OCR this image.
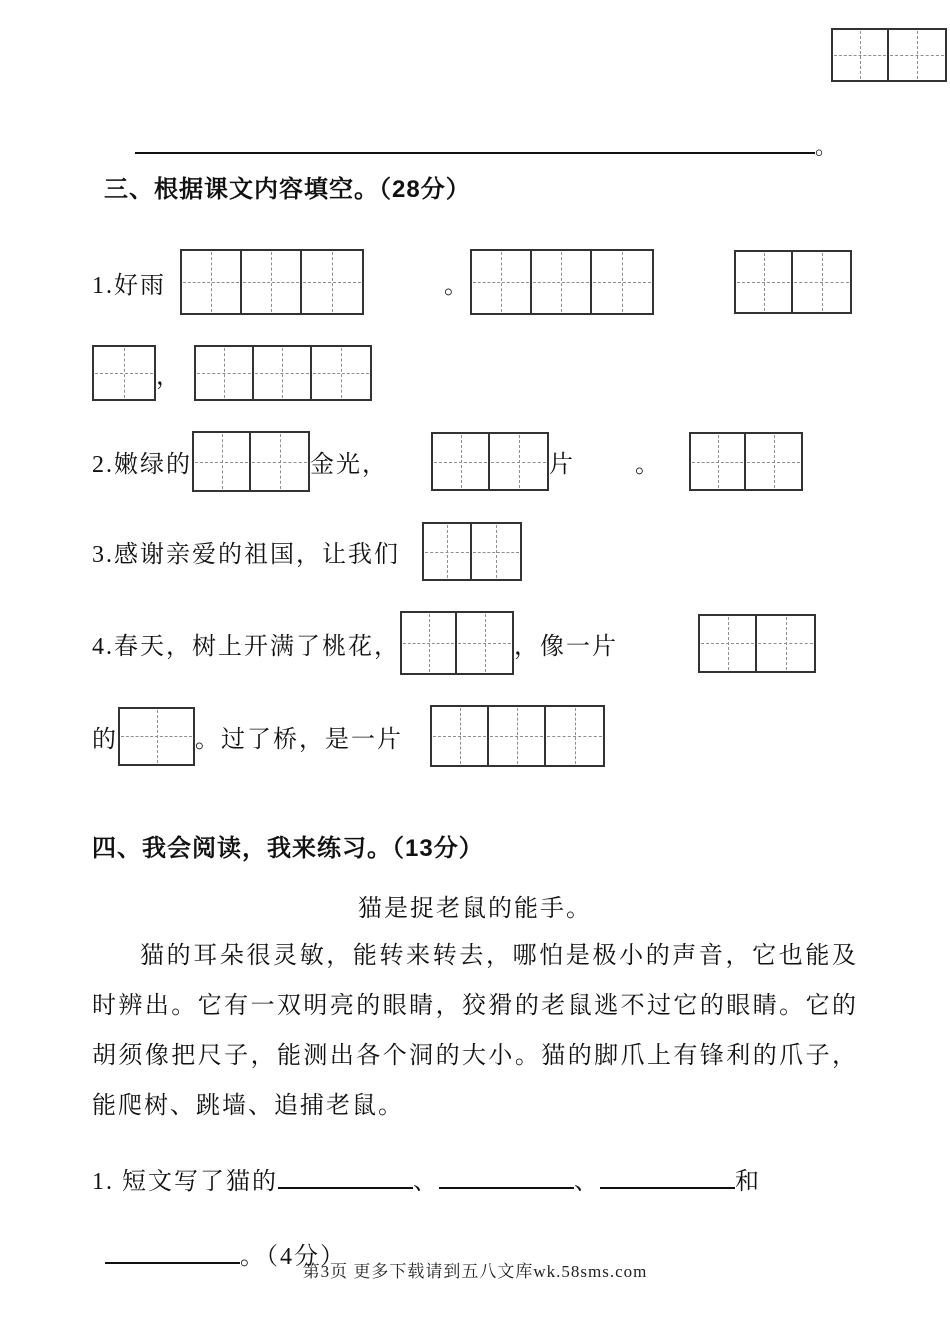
。
三、根据课文内容填空。（28分）
1.好雨	。
，
2.嫩绿的	金光，	片	。
3.感谢亲爱的祖国，让我们
4.春天，树上开满了桃花，	，像一片
的	。过了桥，是一片
四、我会阅读，我来练习。（13分）
猫是捉老鼠的能手。
猫的耳朵很灵敏，能转来转去，哪怕是极小的声音，它也能及时辨出。它有一双明亮的眼睛，狡猾的老鼠逃不过它的眼睛。它的胡须像把尺子，能测出各个洞的大小。猫的脚爪上有锋利的爪子，能爬树、跳墙、追捕老鼠。
1. 短文写了猫的	、	、	和
。（4分）
第3页 更多下载请到五八文库wk.58sms.com
